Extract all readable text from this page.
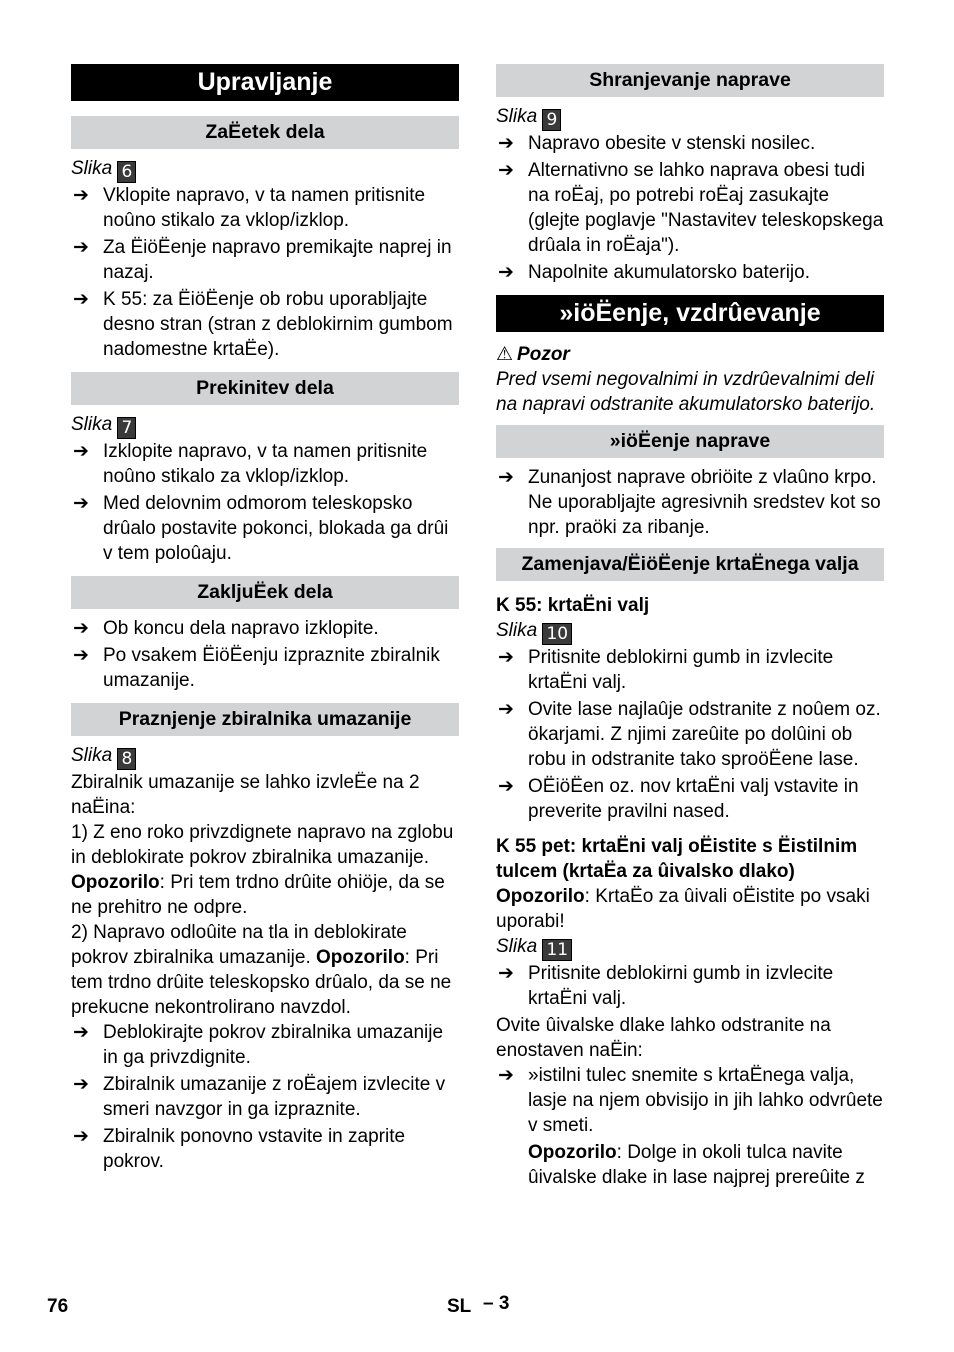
Upravljanje
ZaËetek dela
Slika 6
➔ Vklopite napravo, v ta namen pritisnite noûno stikalo za vklop/izklop.
➔ Za ËiöËenje napravo premikajte naprej in nazaj.
➔ K 55: za ËiöËenje ob robu uporabljajte desno stran (stran z deblokirnim gumbom nadomestne krtaËe).
Prekinitev dela
Slika 7
➔ Izklopite napravo, v ta namen pritisnite noûno stikalo za vklop/izklop.
➔ Med delovnim odmorom teleskopsko drûalo postavite pokonci, blokada ga drûi v tem poloûaju.
ZakljuËek dela
➔ Ob koncu dela napravo izklopite.
➔ Po vsakem ËiöËenju izpraznite zbiralnik umazanije.
Praznjenje zbiralnika umazanije
Slika 8
Zbiralnik umazanije se lahko izvleËe na 2 naËina:
1) Z eno roko privzdignete napravo na zglobu in deblokirate pokrov zbiralnika umazanije. Opozorilo: Pri tem trdno drûite ohiöje, da se ne prehitro ne odpre.
2) Napravo odloûite na tla in deblokirate pokrov zbiralnika umazanije. Opozorilo: Pri tem trdno drûite teleskopsko drûalo, da se ne prekucne nekontrolirano navzdol.
➔ Deblokirajte pokrov zbiralnika umazanije in ga privzdignite.
➔ Zbiralnik umazanije z roËajem izvlecite v smeri navzgor in ga izpraznite.
➔ Zbiralnik ponovno vstavite in zaprite pokrov.
Shranjevanje naprave
Slika 9
➔ Napravo obesite v stenski nosilec.
➔ Alternativno se lahko naprava obesi tudi na roËaj, po potrebi roËaj zasukajte (glejte poglavje "Nastavitev teleskopskega drûala in roËaja").
➔ Napolnite akumulatorsko baterijo.
»iöËenje, vzdrûevanje
⚠ Pozor
Pred vsemi negovalnimi in vzdrûevalnimi deli na napravi odstranite akumulatorsko baterijo.
»iöËenje naprave
➔ Zunanjost naprave obriöite z vlaûno krpo. Ne uporabljajte agresivnih sredstev kot so npr. praöki za ribanje.
Zamenjava/ËiöËenje krtaËnega valja
K 55: krtaËni valj
Slika 10
➔ Pritisnite deblokirni gumb in izvlecite krtaËni valj.
➔ Ovite lase najlaûje odstranite z noûem oz. ökarjami. Z njimi zareûite po dolûini ob robu in odstranite tako sproöËene lase.
➔ OËiöËen oz. nov krtaËni valj vstavite in preverite pravilni nased.
K 55 pet: krtaËni valj oËistite s Ëistilnim tulcem (krtaËa za ûivalsko dlako)
Opozorilo: KrtaËo za ûivali oËistite po vsaki uporabi!
Slika 11
➔ Pritisnite deblokirni gumb in izvlecite krtaËni valj.
Ovite ûivalske dlake lahko odstranite na enostaven naËin:
➔ »istilni tulec snemite s krtaËnega valja, lasje na njem obvisijo in jih lahko odvrûete v smeti.
Opozorilo: Dolge in okoli tulca navite ûivalske dlake in lase najprej prereûite z
76	SL – 3
